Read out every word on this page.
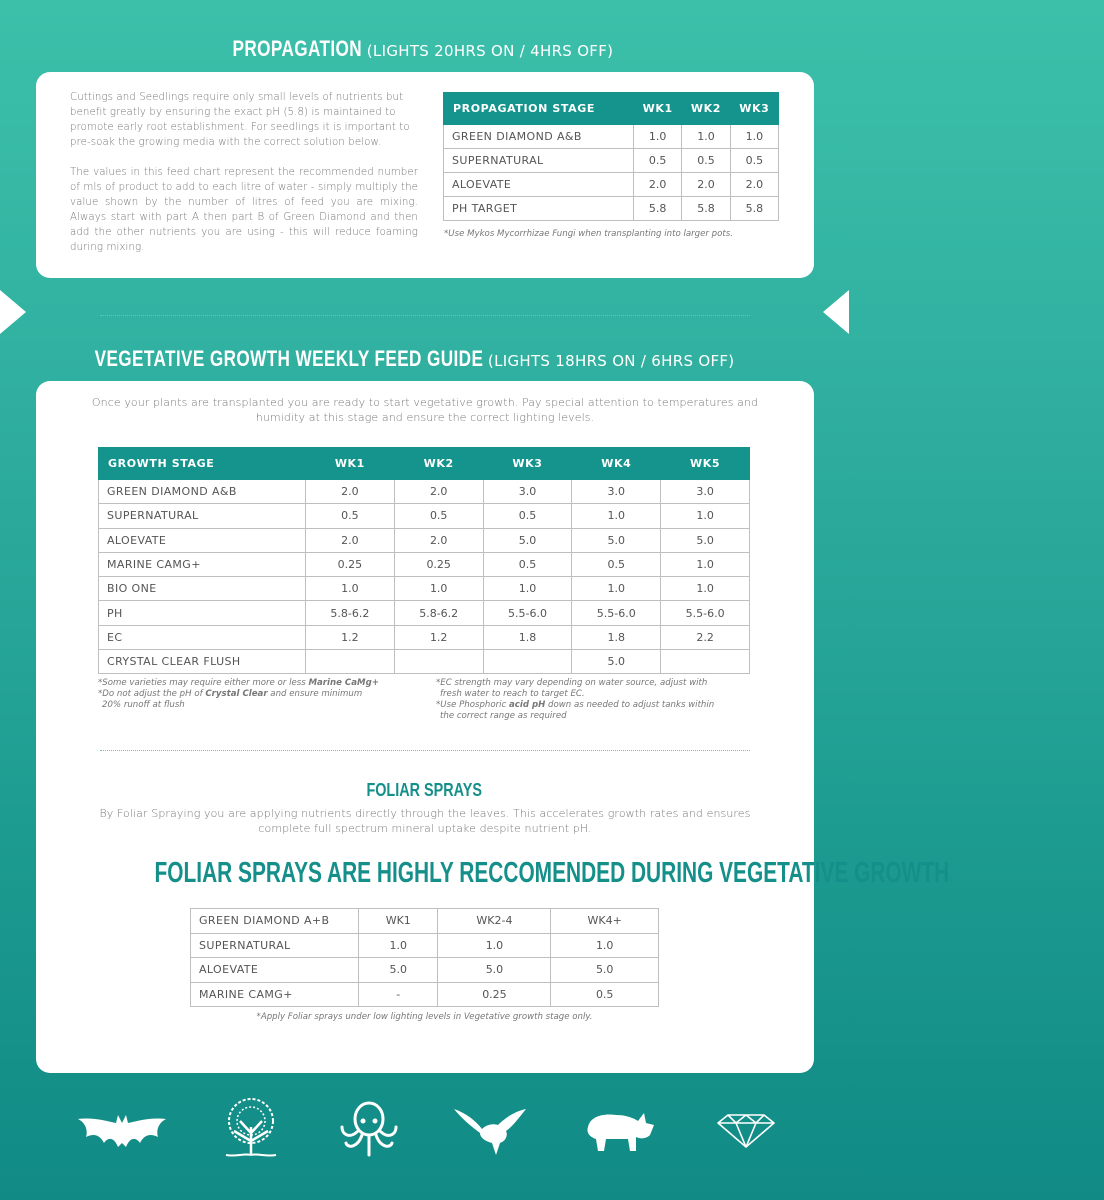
PROPAGATION (LIGHTS 20HRS ON / 4HRS OFF)

Cuttings and Seedlings require only small levels of nutrients but benefit greatly by ensuring the exact pH (5.8) is maintained to promote early root establishment. For seedlings it is important to pre-soak the growing media with the correct solution below.

The values in this feed chart represent the recommended number of mls of product to add to each litre of water - simply multiply the value shown by the number of litres of feed you are mixing. Always start with part A then part B of Green Diamond and then add the other nutrients you are using - this will reduce foaming during mixing.

PROPAGATION STAGE	WK1	WK2	WK3
GREEN DIAMOND A&B	1.0	1.0	1.0
SUPERNATURAL	0.5	0.5	0.5
ALOEVATE	2.0	2.0	2.0
PH TARGET	5.8	5.8	5.8
*Use Mykos Mycorrhizae Fungi when transplanting into larger pots.
VEGETATIVE GROWTH WEEKLY FEED GUIDE (LIGHTS 18HRS ON / 6HRS OFF)

Once your plants are transplanted you are ready to start vegetative growth. Pay special attention to temperatures and humidity at this stage and ensure the correct lighting levels.

GROWTH STAGE	WK1	WK2	WK3	WK4	WK5
GREEN DIAMOND A&B	2.0	2.0	3.0	3.0	3.0
SUPERNATURAL	0.5	0.5	0.5	1.0	1.0
ALOEVATE	2.0	2.0	5.0	5.0	5.0
MARINE CAMG+	0.25	0.25	0.5	0.5	1.0
BIO ONE	1.0	1.0	1.0	1.0	1.0
PH	5.8-6.2	5.8-6.2	5.5-6.0	5.5-6.0	5.5-6.0
EC	1.2	1.2	1.8	1.8	2.2
CRYSTAL CLEAR FLUSH				5.0	
*Some varieties may require either more or less Marine CaMg+
*Do not adjust the pH of Crystal Clear and ensure minimum
20% runoff at flush
*EC strength may vary depending on water source, adjust with
fresh water to reach to target EC.
*Use Phosphoric acid pH down as needed to adjust tanks within
the correct range as required
FOLIAR SPRAYS

By Foliar Spraying you are applying nutrients directly through the leaves. This accelerates growth rates and ensures complete full spectrum mineral uptake despite nutrient pH.

FOLIAR SPRAYS ARE HIGHLY RECCOMENDED DURING VEGETATIVE GROWTH
GREEN DIAMOND A+B	WK1	WK2-4	WK4+
SUPERNATURAL	1.0	1.0	1.0
ALOEVATE	5.0	5.0	5.0
MARINE CAMG+	-	0.25	0.5
*Apply Foliar sprays under low lighting levels in Vegetative growth stage only.
